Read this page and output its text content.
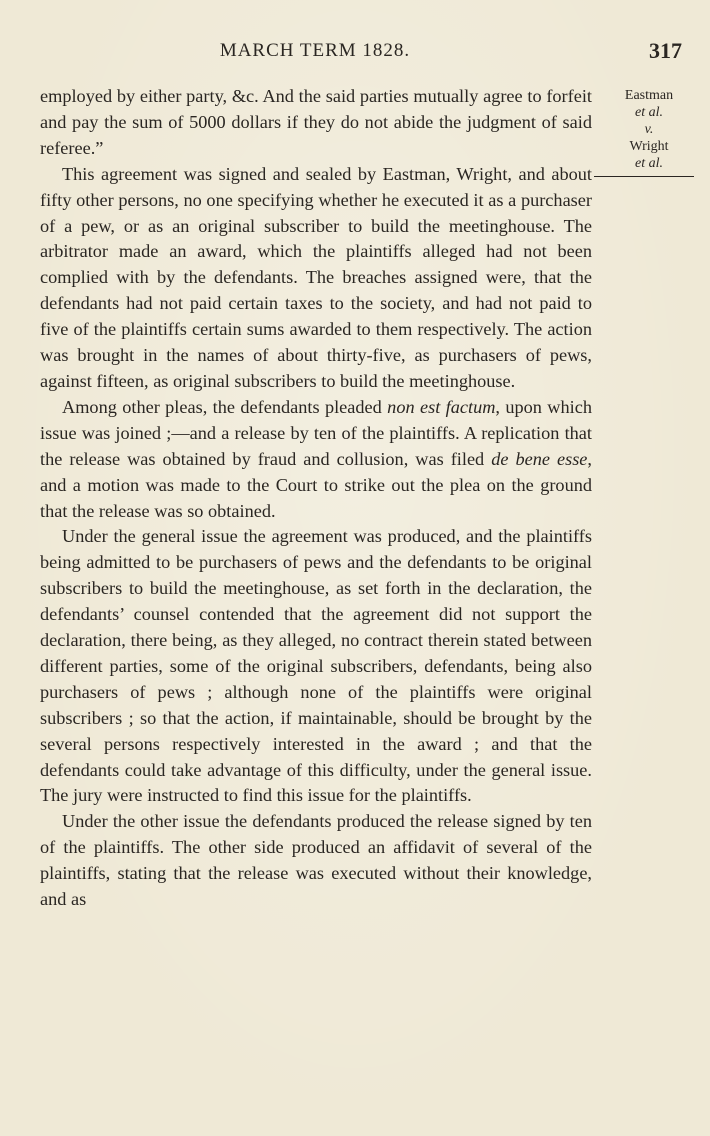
MARCH TERM 1828.	317
Eastman
et al.
v.
Wright
et al.

employed by either party, &c. And the said parties mutually agree to forfeit and pay the sum of 5000 dollars if they do not abide the judgment of said referee.”

This agreement was signed and sealed by Eastman, Wright, and about fifty other persons, no one specifying whether he executed it as a purchaser of a pew, or as an original subscriber to build the meetinghouse. The arbitrator made an award, which the plaintiffs alleged had not been complied with by the defendants. The breaches assigned were, that the defendants had not paid certain taxes to the society, and had not paid to five of the plaintiffs certain sums awarded to them respectively. The action was brought in the names of about thirty-five, as purchasers of pews, against fifteen, as original subscribers to build the meetinghouse.

Among other pleas, the defendants pleaded non est factum, upon which issue was joined ;—and a release by ten of the plaintiffs. A replication that the release was obtained by fraud and collusion, was filed de bene esse, and a motion was made to the Court to strike out the plea on the ground that the release was so obtained.

Under the general issue the agreement was produced, and the plaintiffs being admitted to be purchasers of pews and the defendants to be original subscribers to build the meetinghouse, as set forth in the declaration, the defendants’ counsel contended that the agreement did not support the declaration, there being, as they alleged, no contract therein stated between different parties, some of the original subscribers, defendants, being also purchasers of pews ; although none of the plaintiffs were original subscribers ; so that the action, if maintainable, should be brought by the several persons respectively interested in the award ; and that the defendants could take advantage of this difficulty, under the general issue. The jury were instructed to find this issue for the plaintiffs.

Under the other issue the defendants produced the release signed by ten of the plaintiffs. The other side produced an affidavit of several of the plaintiffs, stating that the release was executed without their knowledge, and as
